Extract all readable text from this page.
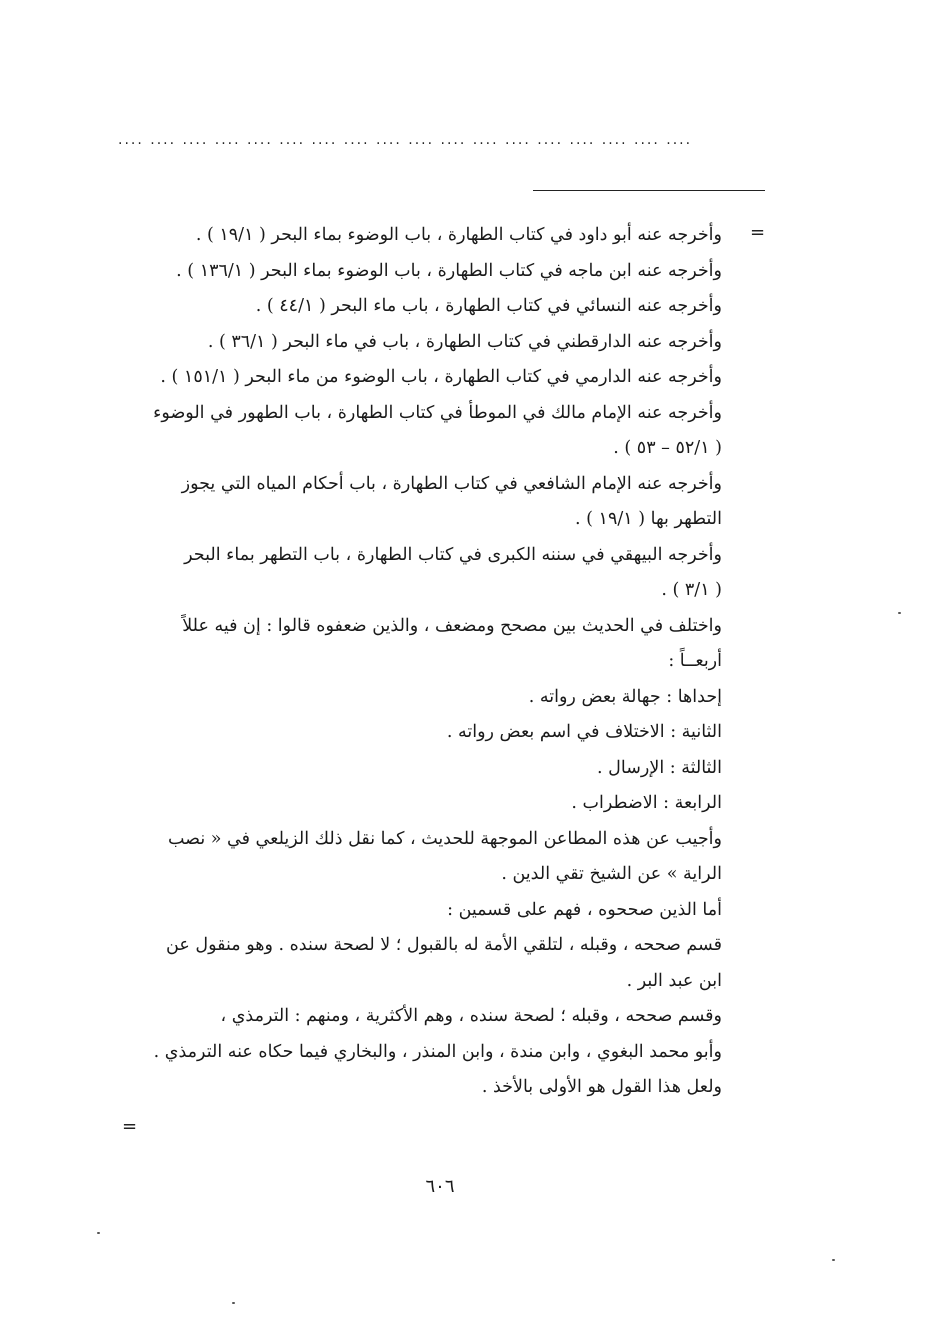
.... .... .... .... .... .... .... .... .... .... .... .... .... .... .... .... .... ....
=
وأخرجه عنه أبو داود في كتاب الطهارة ، باب الوضوء بماء البحر ( ١٩/١ ) .
وأخرجه عنه ابن ماجه في كتاب الطهارة ، باب الوضوء بماء البحر ( ١٣٦/١ ) .
وأخرجه عنه النسائي في كتاب الطهارة ، باب ماء البحر ( ٤٤/١ ) .
وأخرجه عنه الدارقطني في كتاب الطهارة ، باب في ماء البحر ( ٣٦/١ ) .
وأخرجه عنه الدارمي في كتاب الطهارة ، باب الوضوء من ماء البحر ( ١٥١/١ ) .
وأخرجه عنه الإمام مالك في الموطأ في كتاب الطهارة ، باب الطهور في الوضوء
( ٥٢/١ – ٥٣ ) .
وأخرجه عنه الإمام الشافعي في كتاب الطهارة ، باب أحكام المياه التي يجوز
التطهر بها ( ١٩/١ ) .
وأخرجه البيهقي في سننه الكبرى في كتاب الطهارة ، باب التطهر بماء البحر
( ٣/١ ) .
واختلف في الحديث بين مصحح ومضعف ، والذين ضعفوه قالوا : إن فيه عللاً
أربعــاً :
إحداها : جهالة بعض رواته .
الثانية : الاختلاف في اسم بعض رواته .
الثالثة : الإرسال .
الرابعة : الاضطراب .
وأجيب عن هذه المطاعن الموجهة للحديث ، كما نقل ذلك الزيلعي في « نصب
الراية » عن الشيخ تقي الدين .
أما الذين صححوه ، فهم على قسمين :
قسم صححه ، وقبله ، لتلقي الأمة له بالقبول ؛ لا لصحة سنده . وهو منقول عن
ابن عبد البر .
وقسم صححه ، وقبله ؛ لصحة سنده ، وهم الأكثرية ، ومنهم : الترمذي ،
وأبو محمد البغوي ، وابن مندة ، وابن المنذر ، والبخاري فيما حكاه عنه الترمذي .
ولعل هذا القول هو الأولى بالأخذ .
=
٦٠٦
